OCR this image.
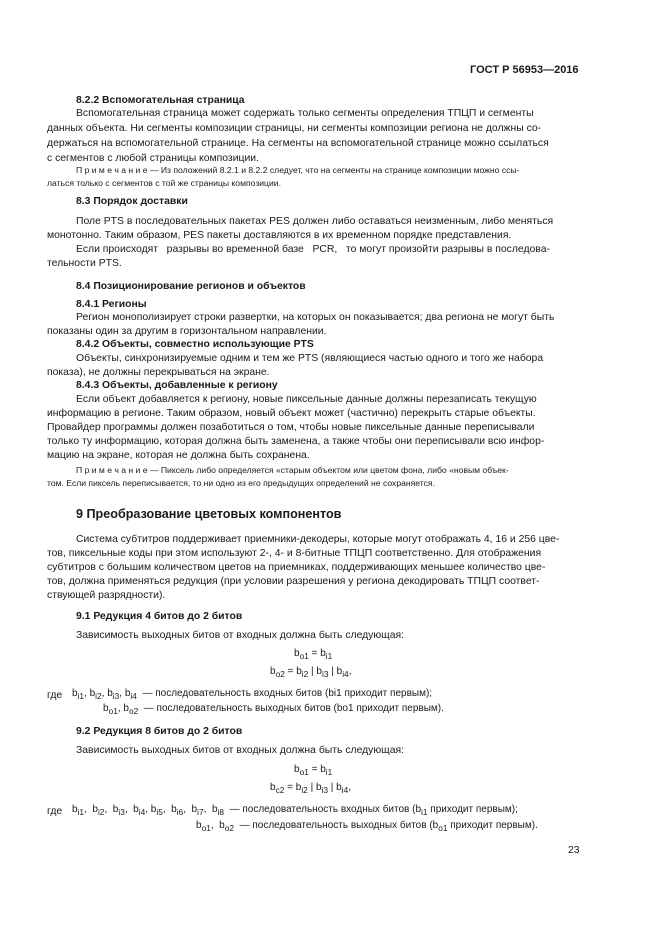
ГОСТ Р 56953—2016
8.2.2 Вспомогательная страница
Вспомогательная страница может содержать только сегменты определения ТПЦП и сегменты
данных объекта. Ни сегменты композиции страницы, ни сегменты композиции региона не должны со-
держаться на вспомогательной странице. На сегменты на вспомогательной странице можно ссылаться
с сегментов с любой страницы композиции.
П р и м е ч а н и е — Из положений 8.2.1 и 8.2.2 следует, что на сегменты на странице композиции можно ссы-
латься только с сегментов с той же страницы композиции.
8.3 Порядок доставки
Поле PTS в последовательных пакетах PES должен либо оставаться неизменным, либо меняться
монотонно. Таким образом, PES пакеты доставляются в их временном порядке представления.
Если происходят   разрывы во временной базе   PCR,   то могут произойти разрывы в последова-
тельности PTS.
8.4 Позиционирование регионов и объектов
8.4.1 Регионы
Регион монополизирует строки развертки, на которых он показывается; два региона не могут быть
показаны один за другим в горизонтальном направлении.
8.4.2 Объекты, совместно использующие PTS
Объекты, синхронизируемые одним и тем же PTS (являющиеся частью одного и того же набора
показа), не должны перекрываться на экране.
8.4.3 Объекты, добавленные к региону
Если объект добавляется к региону, новые пиксельные данные должны перезаписать текущую
информацию в регионе. Таким образом, новый объект может (частично) перекрыть старые объекты.
Провайдер программы должен позаботиться о том, чтобы новые пиксельные данные переписывали
только ту информацию, которая должна быть заменена, а также чтобы они переписывали всю инфор-
мацию на экране, которая не должна быть сохранена.
П р и м е ч а н и е — Пиксель либо определяется «старым объектом или цветом фона, либо «новым объек-
том. Если пиксель переписывается, то ни одно из его предыдущих определений не сохраняется.
9 Преобразование цветовых компонентов
Система субтитров поддерживает приемники-декодеры, которые могут отображать 4, 16 и 256 цве-
тов, пиксельные коды при этом используют 2-, 4- и 8-битные ТПЦП соответственно. Для отображения
субтитров с большим количеством цветов на приемниках, поддерживающих меньшее количество цве-
тов, должна применяться редукция (при условии разрешения у региона декодировать ТПЦП соответ-
ствующей разрядности).
9.1 Редукция 4 битов до 2 битов
Зависимость выходных битов от входных должна быть следующая:
$b_{o1} = b_{i1}$
$b_{o2} = b_{i2}$ | $b_{i3}$ | $b_{i4}$,
где $b_{i1}$, $b_{i2}$, $b_{i3}$, $b_{i4}$ — последовательность входных битов (bi1 приходит первым);
$b_{o1}$, $b_{o2}$ — последовательность выходных битов (bo1 приходит первым).
9.2 Редукция 8 битов до 2 битов
Зависимость выходных битов от входных должна быть следующая:
$b_{o1} = b_{i1}$
$b_{c2} = b_{i2}$ | $b_{i3}$ | $b_{i4}$,
где $b_{i1}$,  $b_{i2}$,  $b_{i3}$,  $b_{i4}$, $b_{i5}$,  $b_{i6}$,  $b_{i7}$,  $b_{i8}$ — последовательность входных битов ($b_{i1}$ приходит первым);
$b_{o1}$,  $b_{o2}$ — последовательность выходных битов ($b_{o1}$ приходит первым).
23
